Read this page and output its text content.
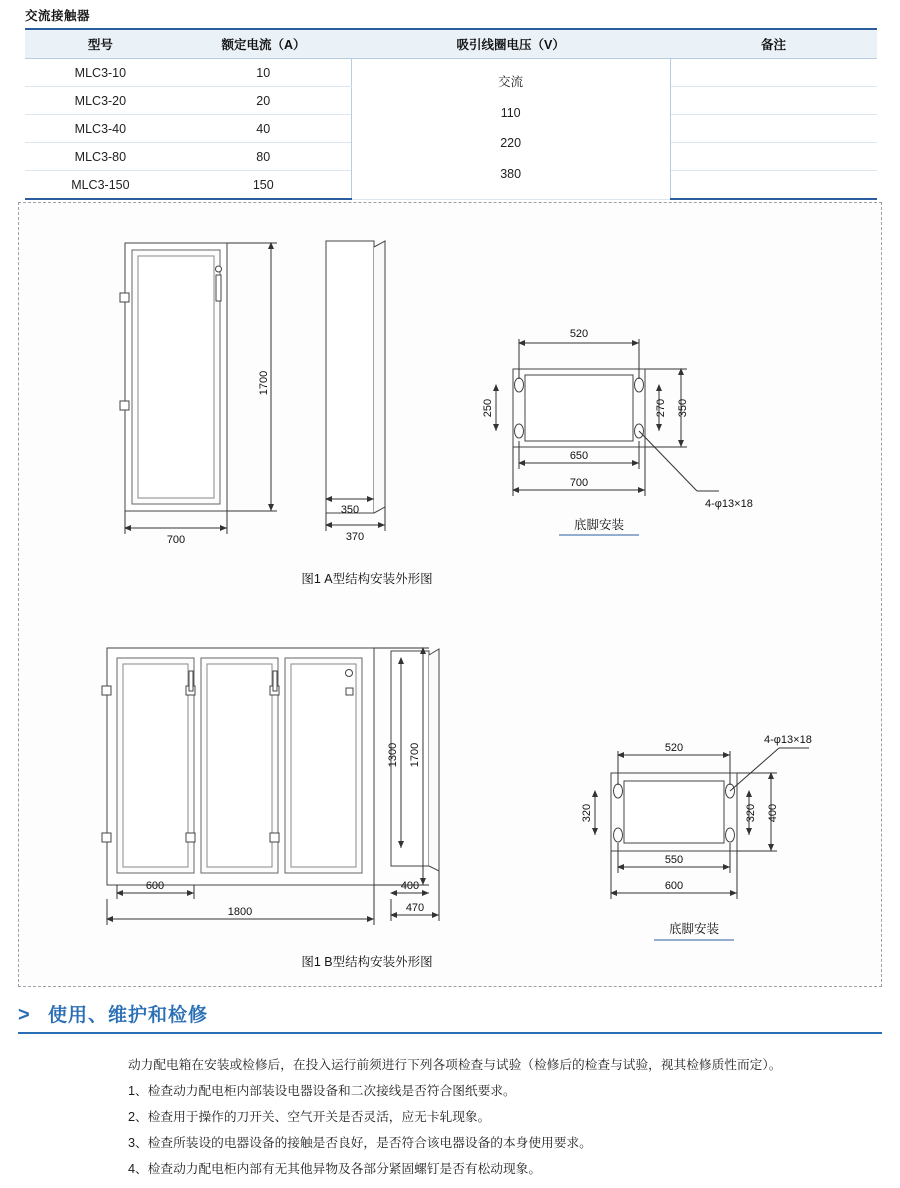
交流接触器
型号	额定电流（A）	吸引线圈电压（V）	备注
MLC3-10	10	交流
110
220
380	

MLC3-20	20		
MLC3-40	40		
MLC3-80	80		
MLC3-150	150		
1700
700
350
370
520
250
650
700
270 350
4-φ13×18
底脚安装
图1 A型结构安装外形图
1300 1700
600
1800
400
470
520
4-φ13×18
320	320 400
550
600
底脚安装
图1 B型结构安装外形图
> 使用、维护和检修

动力配电箱在安装或检修后，在投入运行前须进行下列各项检查与试验（检修后的检查与试验，视其检修质性而定）。

1、检查动力配电柜内部装设电器设备和二次接线是否符合图纸要求。

2、检查用于操作的刀开关、空气开关是否灵活，应无卡轧现象。

3、检查所装设的电器设备的接触是否良好，是否符合该电器设备的本身使用要求。

4、检查动力配电柜内部有无其他异物及各部分紧固螺钉是否有松动现象。
